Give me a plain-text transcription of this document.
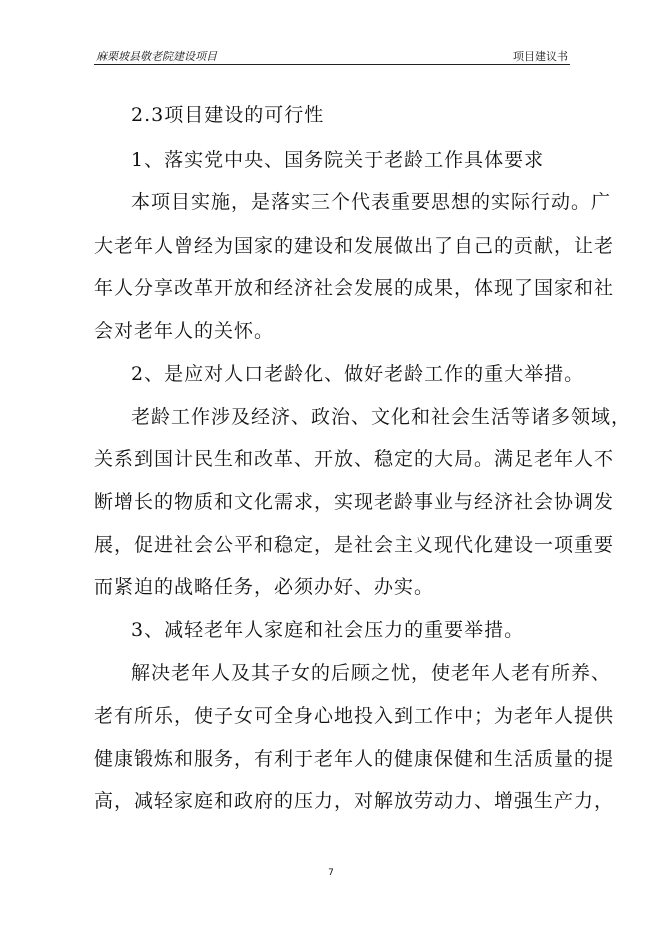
麻栗坡县敬老院建设项目	项目建议书
2.3项目建设的可行性
1、落实党中央、国务院关于老龄工作具体要求
本项目实施，是落实三个代表重要思想的实际行动。广
大老年人曾经为国家的建设和发展做出了自己的贡献，让老
年人分享改革开放和经济社会发展的成果，体现了国家和社
会对老年人的关怀。
2、是应对人口老龄化、做好老龄工作的重大举措。
老龄工作涉及经济、政治、文化和社会生活等诸多领域，
关系到国计民生和改革、开放、稳定的大局。满足老年人不
断增长的物质和文化需求，实现老龄事业与经济社会协调发
展，促进社会公平和稳定，是社会主义现代化建设一项重要
而紧迫的战略任务，必须办好、办实。
3、减轻老年人家庭和社会压力的重要举措。
解决老年人及其子女的后顾之忧，使老年人老有所养、
老有所乐，使子女可全身心地投入到工作中；为老年人提供
健康锻炼和服务，有利于老年人的健康保健和生活质量的提
高，减轻家庭和政府的压力，对解放劳动力、增强生产力，
7
